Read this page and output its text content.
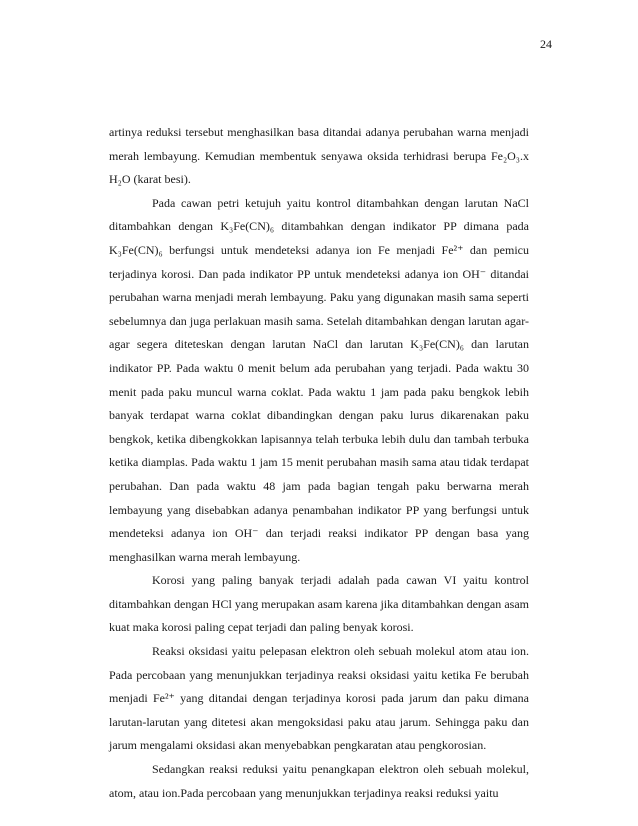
24

artinya reduksi tersebut menghasilkan basa ditandai adanya perubahan warna menjadi merah lembayung. Kemudian membentuk senyawa oksida terhidrasi berupa Fe₂O₃.x H₂O (karat besi).

Pada cawan petri ketujuh yaitu kontrol ditambahkan dengan larutan NaCl ditambahkan dengan K₃Fe(CN)₆ ditambahkan dengan indikator PP dimana pada K₃Fe(CN)₆ berfungsi untuk mendeteksi adanya ion Fe menjadi Fe²⁺ dan pemicu terjadinya korosi. Dan pada indikator PP untuk mendeteksi adanya ion OH⁻ ditandai perubahan warna menjadi merah lembayung. Paku yang digunakan masih sama seperti sebelumnya dan juga perlakuan masih sama. Setelah ditambahkan dengan larutan agar-agar segera diteteskan dengan larutan NaCl dan larutan K₃Fe(CN)₆ dan larutan indikator PP. Pada waktu 0 menit belum ada perubahan yang terjadi. Pada waktu 30 menit pada paku muncul warna coklat. Pada waktu 1 jam pada paku bengkok lebih banyak terdapat warna coklat dibandingkan dengan paku lurus dikarenakan paku bengkok, ketika dibengkokkan lapisannya telah terbuka lebih dulu dan tambah terbuka ketika diamplas. Pada waktu 1 jam 15 menit perubahan masih sama atau tidak terdapat perubahan. Dan pada waktu 48 jam pada bagian tengah paku berwarna merah lembayung yang disebabkan adanya penambahan indikator PP yang berfungsi untuk mendeteksi adanya ion OH⁻ dan terjadi reaksi indikator PP dengan basa yang menghasilkan warna merah lembayung.

Korosi yang paling banyak terjadi adalah pada cawan VI yaitu kontrol ditambahkan dengan HCl yang merupakan asam karena jika ditambahkan dengan asam kuat maka korosi paling cepat terjadi dan paling benyak korosi.

Reaksi oksidasi yaitu pelepasan elektron oleh sebuah molekul atom atau ion. Pada percobaan yang menunjukkan terjadinya reaksi oksidasi yaitu ketika Fe berubah menjadi Fe²⁺ yang ditandai dengan terjadinya korosi pada jarum dan paku dimana larutan-larutan yang ditetesi akan mengoksidasi paku atau jarum. Sehingga paku dan jarum mengalami oksidasi akan menyebabkan pengkaratan atau pengkorosian.

Sedangkan reaksi reduksi yaitu penangkapan elektron oleh sebuah molekul, atom, atau ion.Pada percobaan yang menunjukkan terjadinya reaksi reduksi yaitu
